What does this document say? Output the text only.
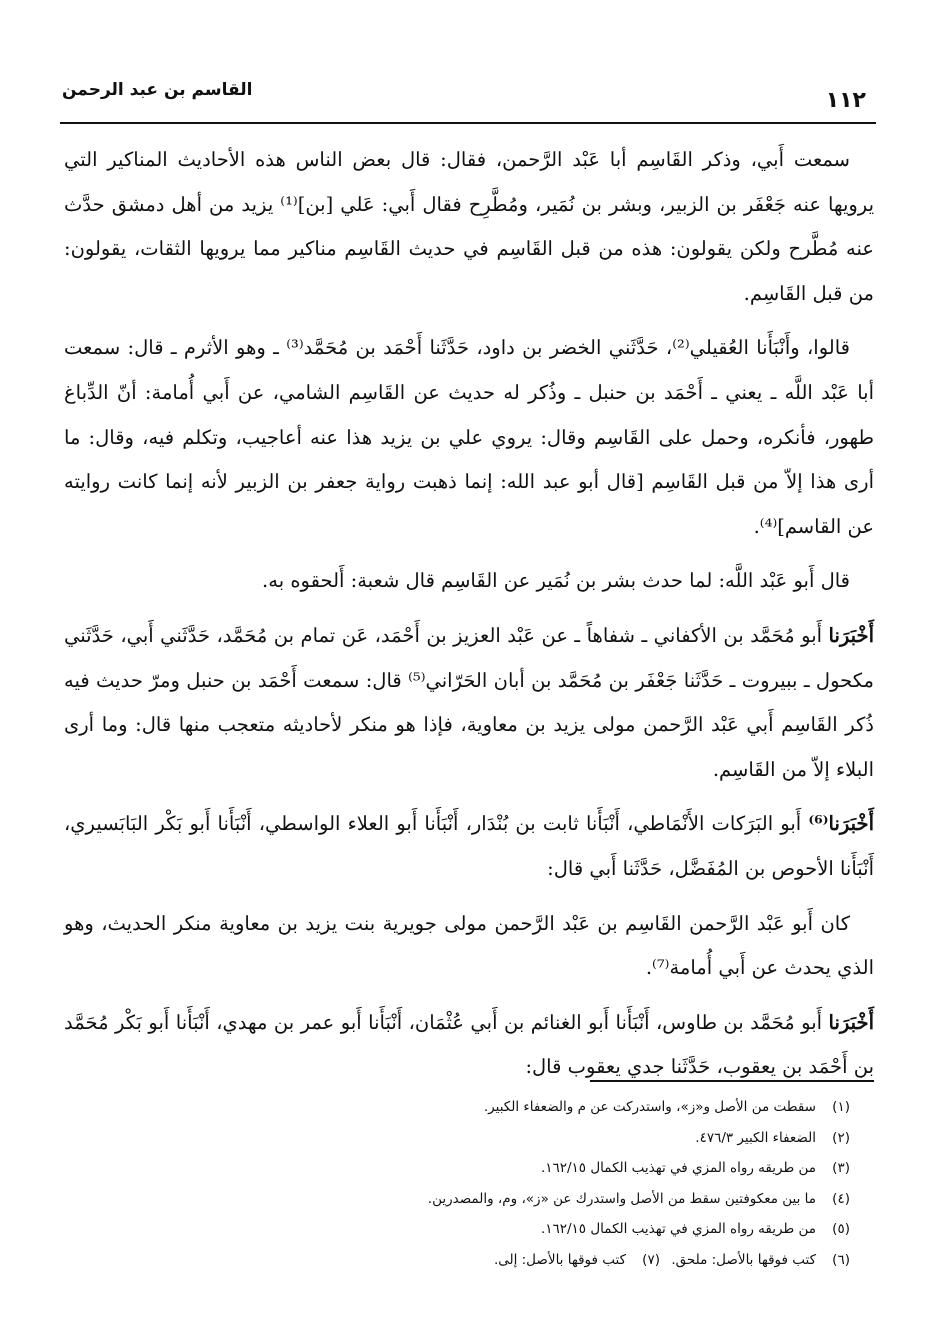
القاسم بن عبد الرحمن	١١٢

سمعت أَبي، وذكر القَاسِم أبا عَبْد الرَّحمن، فقال: قال بعض الناس هذه الأحاديث المناكير التي يرويها عنه جَعْفَر بن الزبير، وبشر بن نُمَير، ومُطَّرِح فقال أَبي: عَلي [بن]⁽¹⁾ يزيد من أهل دمشق حدَّث عنه مُطَّرح ولكن يقولون: هذه من قبل القَاسِم في حديث القَاسِم مناكير مما يرويها الثقات، يقولون: من قبل القَاسِم.

قالوا، وأَنْبَأَنا العُقيلي⁽²⁾، حَدَّثَني الخضر بن داود، حَدَّثَنا أَحْمَد بن مُحَمَّد⁽³⁾ ـ وهو الأثرم ـ قال: سمعت أبا عَبْد اللَّه ـ يعني ـ أَحْمَد بن حنبل ـ وذُكر له حديث عن القَاسِم الشامي، عن أَبي أُمامة: أنّ الدِّباغ طهور، فأنكره، وحمل على القَاسِم وقال: يروي علي بن يزيد هذا عنه أعاجيب، وتكلم فيه، وقال: ما أرى هذا إلاّ من قبل القَاسِم [قال أبو عبد الله: إنما ذهبت رواية جعفر بن الزبير لأنه إنما كانت روايته عن القاسم]⁽⁴⁾.

قال أَبو عَبْد اللَّه: لما حدث بشر بن نُمَير عن القَاسِم قال شعبة: أَلحقوه به.

أَخْبَرَنا أَبو مُحَمَّد بن الأكفاني ـ شفاهاً ـ عن عَبْد العزيز بن أَحْمَد، عَن تمام بن مُحَمَّد، حَدَّثَني أَبي، حَدَّثَني مكحول ـ ببيروت ـ حَدَّثَنا جَعْفَر بن مُحَمَّد بن أبان الحَرّاني⁽⁵⁾ قال: سمعت أَحْمَد بن حنبل ومرّ حديث فيه ذُكر القَاسِم أَبي عَبْد الرَّحمن مولى يزيد بن معاوية، فإذا هو منكر لأحاديثه متعجب منها قال: وما أرى البلاء إلاّ من القَاسِم.

أَخْبَرَنا⁽⁶⁾ أَبو البَرَكات الأَنْمَاطي، أَنْبَأَنا ثابت بن بُنْدَار، أَنْبَأَنا أَبو العلاء الواسطي، أَنْبَأَنا أَبو بَكْر البَابَسيري، أَنْبَأَنا الأحوص بن المُفَضَّل، حَدَّثَنا أَبي قال:

كان أَبو عَبْد الرَّحمن القَاسِم بن عَبْد الرَّحمن مولى جويرية بنت يزيد بن معاوية منكر الحديث، وهو الذي يحدث عن أَبي أُمامة⁽⁷⁾.

أَخْبَرَنا أَبو مُحَمَّد بن طاوس، أَنْبَأَنا أَبو الغنائم بن أَبي عُثْمَان، أَنْبَأَنا أَبو عمر بن مهدي، أَنْبَأَنا أَبو بَكْر مُحَمَّد بن أَحْمَد بن يعقوب، حَدَّثَنا جدي يعقوب قال:

(١)
سقطت من الأصل و«ز»، واستدركت عن م والضعفاء الكبير.
(٢)
الضعفاء الكبير ٤٧٦/٣.
(٣)
من طريقه رواه المزي في تهذيب الكمال ١٦٢/١٥.
(٤)
ما بين معكوفتين سقط من الأصل واستدرك عن «ز»، وم، والمصدرين.
(٥)
من طريقه رواه المزي في تهذيب الكمال ١٦٢/١٥.
(٦)
كتب فوقها بالأصل: ملحق.
(٧)
كتب فوقها بالأصل: إلى.
